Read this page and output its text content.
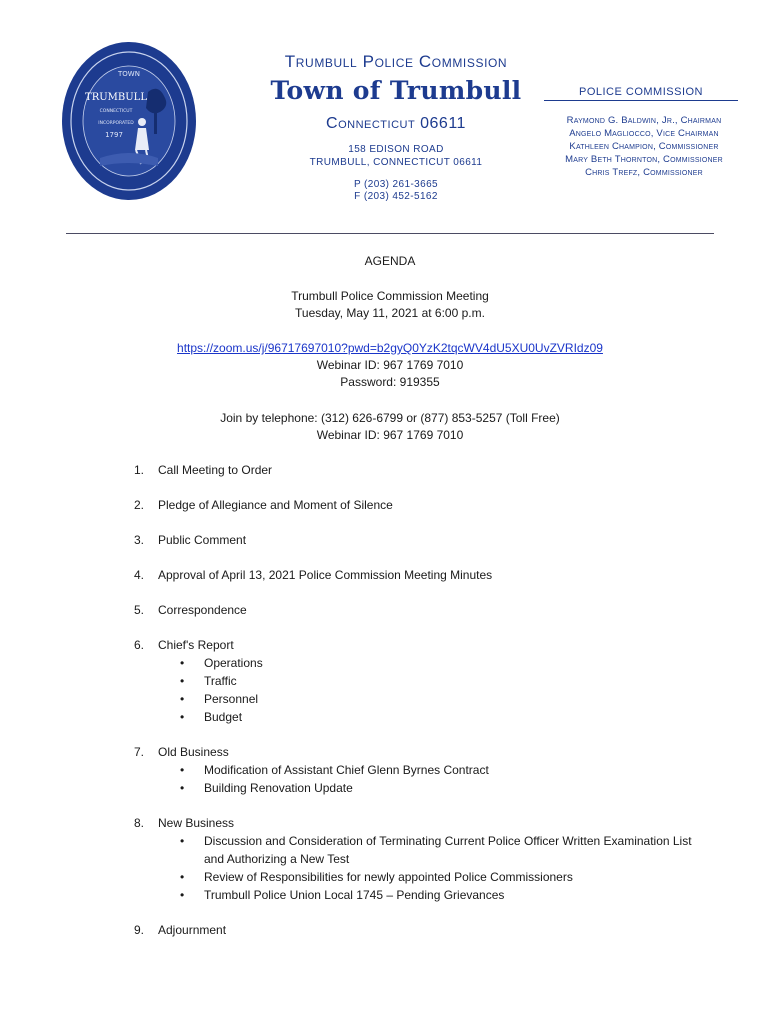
TOWN
TRUMBULL
CONNECTICUT
INCORPORATED
1797
Trumbull Police Commission
Town of Trumbull
Connecticut 06611
158 EDISON ROAD
TRUMBULL, CONNECTICUT 06611
P (203) 261-3665
F (203) 452-5162
POLICE COMMISSION
Raymond G. Baldwin, Jr., Chairman
Angelo Magliocco, Vice Chairman
Kathleen Champion, Commissioner
Mary Beth Thornton, Commissioner
Chris Trefz, Commissioner
AGENDA
Trumbull Police Commission Meeting
Tuesday, May 11, 2021 at 6:00 p.m.
https://zoom.us/j/96717697010?pwd=b2gyQ0YzK2tqcWV4dU5XU0UvZVRIdz09
Webinar ID: 967 1769 7010
Password: 919355
Join by telephone: (312) 626-6799 or (877) 853-5257 (Toll Free)
Webinar ID: 967 1769 7010
1. Call Meeting to Order
2. Pledge of Allegiance and Moment of Silence
3. Public Comment
4. Approval of April 13, 2021 Police Commission Meeting Minutes
5. Correspondence
6. Chief's Report
• Operations
• Traffic
• Personnel
• Budget
7. Old Business
• Modification of Assistant Chief Glenn Byrnes Contract
• Building Renovation Update
8. New Business
• Discussion and Consideration of Terminating Current Police Officer Written Examination List and Authorizing a New Test
• Review of Responsibilities for newly appointed Police Commissioners
• Trumbull Police Union Local 1745 – Pending Grievances
9. Adjournment
